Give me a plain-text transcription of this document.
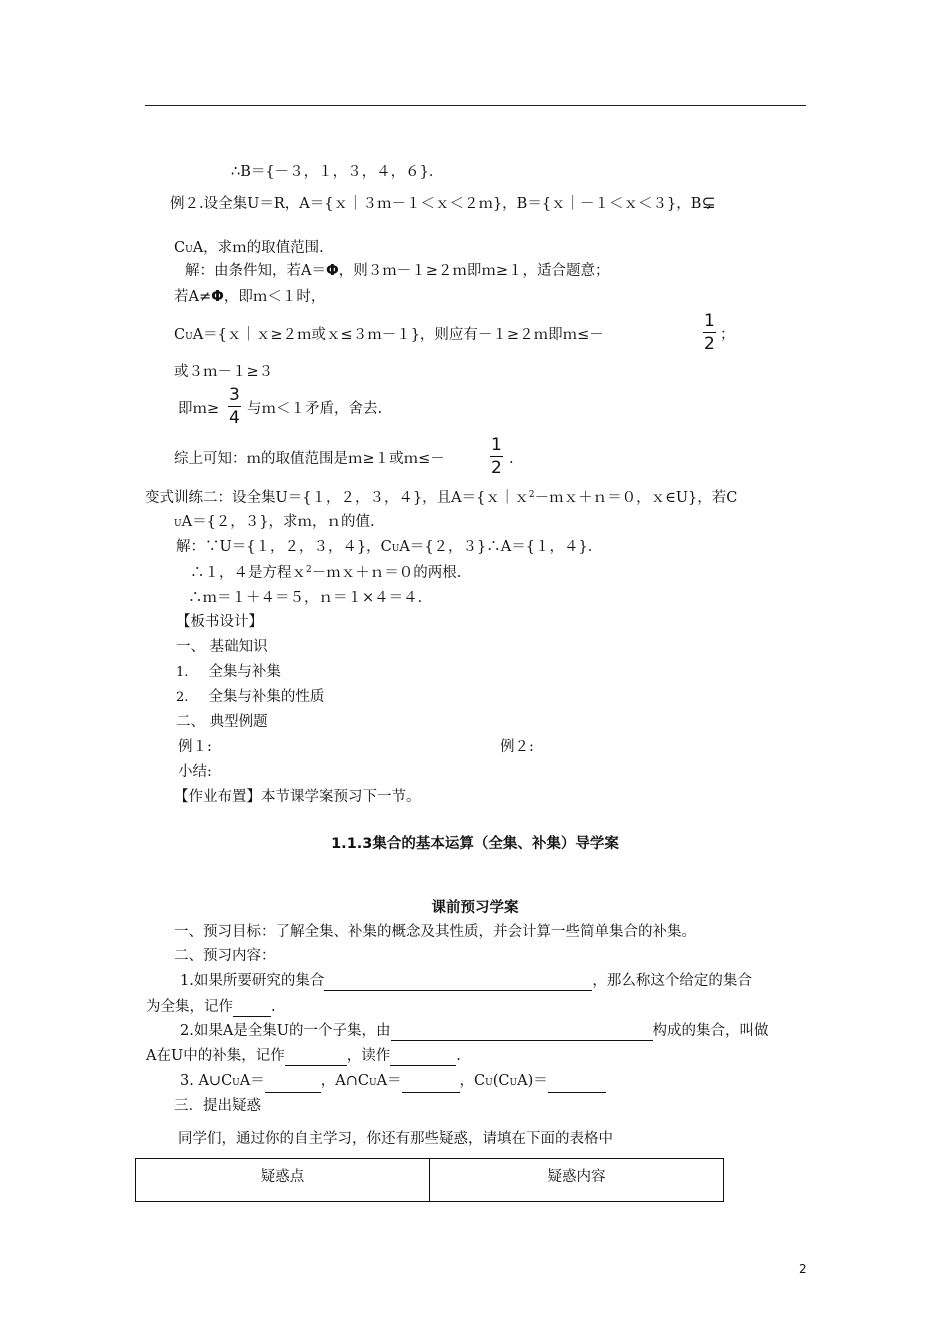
∴B＝{－３，１，３，４，６}．
例２.设全集U＝R，A＝{ｘ｜３ｍ－１＜ｘ＜２ｍ}，B＝{ｘ｜－１＜ｘ＜３}，B⊊
CUA，求ｍ的取值范围.
解：由条件知，若A＝Φ，则３ｍ－１≥２ｍ即ｍ≥１，适合题意；
若A≠Φ，即ｍ＜１时，
CUA＝{ｘ｜ｘ≥２ｍ或ｘ≤３ｍ－１}，则应有－１≥２ｍ即ｍ≤－
1
2 ；
或３ｍ－１≥３
即ｍ≥
3
4 与ｍ＜１矛盾，舍去.
综上可知：ｍ的取值范围是ｍ≥１或ｍ≤－
1
2 .
变式训练二：设全集U＝{１，２，３，４}，且A＝{ｘ｜ｘ$^2$－ｍｘ＋ｎ＝０，ｘ∈U}，若C
UA＝{２，３}，求ｍ，ｎ的值.
解：∵U＝{１，２，３，４}，CUA＝{２，３}∴A＝{１，４}．
∴１，４是方程ｘ$^2$－ｍｘ＋ｎ＝０的两根.
∴ｍ＝１＋４＝５，ｎ＝１×４＝４．
【板书设计】
一、 基础知识
1. 全集与补集
2. 全集与补集的性质
二、 典型例题
例１:	例２:
小结:
【作业布置】本节课学案预习下一节。
1.1.3集合的基本运算（全集、补集）导学案
课前预习学案
一、预习目标：了解全集、补集的概念及其性质，并会计算一些简单集合的补集。
二、预习内容：
1.如果所要研究的集合	，那么称这个给定的集合
为全集，记作	.
2.如果A是全集U的一个子集，由	构成的集合，叫做
A在U中的补集，记作	，读作	.
3. A∪CUA＝	，A∩CUA＝	，CU(CUA)＝
三．提出疑惑
同学们，通过你的自主学习，你还有那些疑惑，请填在下面的表格中
疑惑点	疑惑内容
2
